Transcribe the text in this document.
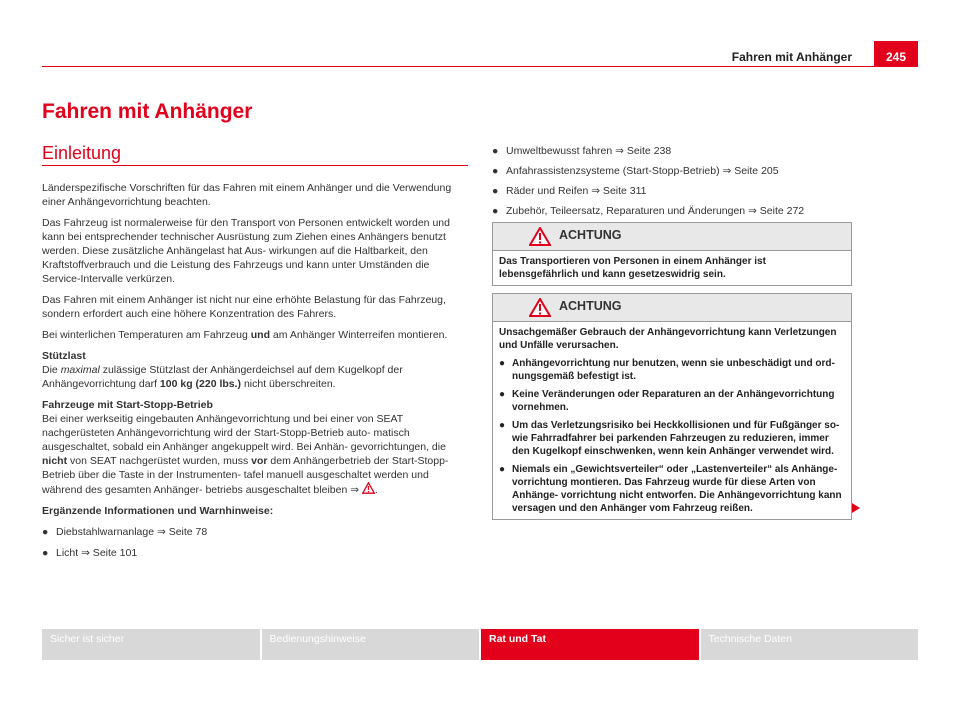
Fahren mit Anhänger	245
Fahren mit Anhänger
Einleitung

Länderspezifische Vorschriften für das Fahren mit einem Anhänger und die Verwendung einer Anhängevorrichtung beachten.

Das Fahrzeug ist normalerweise für den Transport von Personen entwickelt worden und kann bei entsprechender technischer Ausrüstung zum Ziehen eines Anhängers benutzt werden. Diese zusätzliche Anhängelast hat Aus- wirkungen auf die Haltbarkeit, den Kraftstoffverbrauch und die Leistung des Fahrzeugs und kann unter Umständen die Service-Intervalle verkürzen.

Das Fahren mit einem Anhänger ist nicht nur eine erhöhte Belastung für das Fahrzeug, sondern erfordert auch eine höhere Konzentration des Fahrers.

Bei winterlichen Temperaturen am Fahrzeug und am Anhänger Winterreifen montieren.

Stützlast
Die maximal zulässige Stützlast der Anhängerdeichsel auf dem Kugelkopf der Anhängevorrichtung darf 100 kg (220 lbs.) nicht überschreiten.

Fahrzeuge mit Start-Stopp-Betrieb
Bei einer werkseitig eingebauten Anhängevorrichtung und bei einer von SEAT nachgerüsteten Anhängevorrichtung wird der Start-Stopp-Betrieb auto- matisch ausgeschaltet, sobald ein Anhänger angekuppelt wird. Bei Anhän- gevorrichtungen, die nicht von SEAT nachgerüstet wurden, muss vor dem Anhängerbetrieb der Start-Stopp-Betrieb über die Taste in der Instrumenten- tafel manuell ausgeschaltet werden und während des gesamten Anhänger- betriebs ausgeschaltet bleiben ⇒ .

Ergänzende Informationen und Warnhinweise:

● Diebstahlwarnanlage ⇒ Seite 78
● Licht ⇒ Seite 101
● Umweltbewusst fahren ⇒ Seite 238
● Anfahrassistenzsysteme (Start-Stopp-Betrieb) ⇒ Seite 205
● Räder und Reifen ⇒ Seite 311
● Zubehör, Teileersatz, Reparaturen und Änderungen ⇒ Seite 272
ACHTUNG

Das Transportieren von Personen in einem Anhänger ist lebensgefährlich und kann gesetzeswidrig sein.

ACHTUNG

Unsachgemäßer Gebrauch der Anhängevorrichtung kann Verletzungen und Unfälle verursachen.

● Anhängevorrichtung nur benutzen, wenn sie unbeschädigt und ord- nungsgemäß befestigt ist.
● Keine Veränderungen oder Reparaturen an der Anhängevorrichtung vornehmen.
● Um das Verletzungsrisiko bei Heckkollisionen und für Fußgänger so- wie Fahrradfahrer bei parkenden Fahrzeugen zu reduzieren, immer den Kugelkopf einschwenken, wenn kein Anhänger verwendet wird.
● Niemals ein „Gewichtsverteiler“ oder „Lastenverteiler“ als Anhänge- vorrichtung montieren. Das Fahrzeug wurde für diese Arten von Anhänge- vorrichtung nicht entworfen. Die Anhängevorrichtung kann versagen und den Anhänger vom Fahrzeug reißen.
Sicher ist sicher	Bedienungshinweise	Rat und Tat	Technische Daten
